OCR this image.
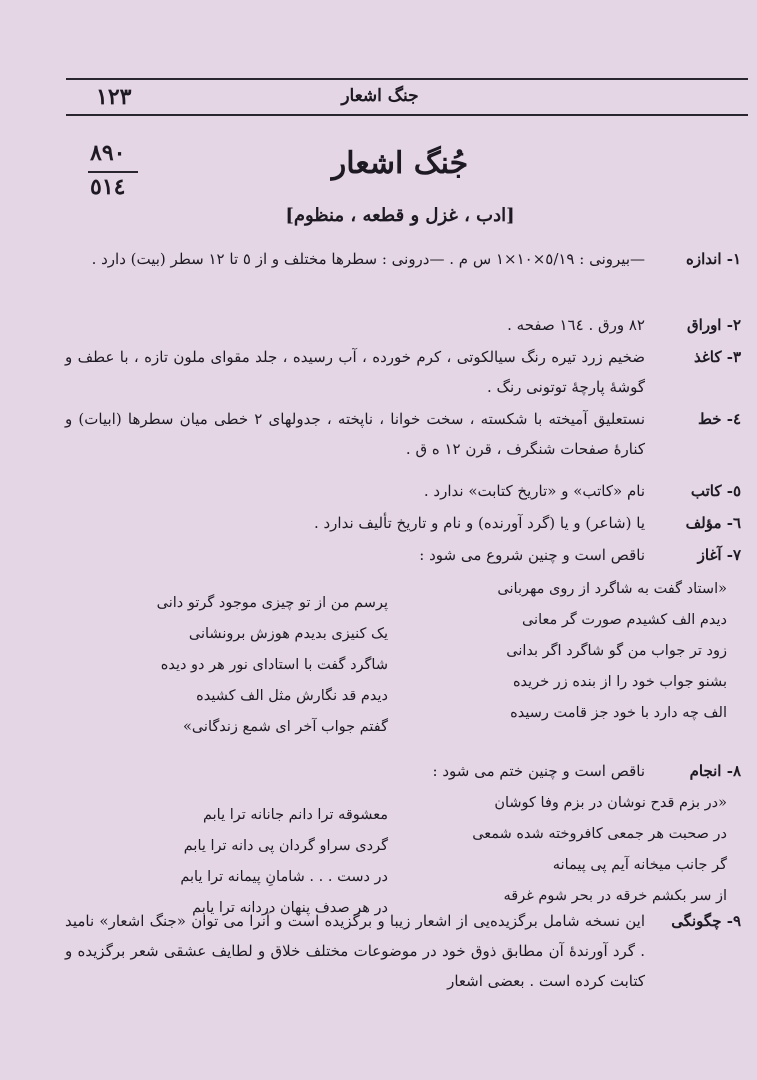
١٢٣	جنگ اشعار
٨٩٠
٥١٤
جُنگ اشعار
[ادب ، غزل و قطعه ، منظوم]
١- اندازه
—بیرونی : ٥/١٩×١٠×١ س م . —درونی : سطرها مختلف و از ٥ تا ١٢ سطر (بیت) دارد .
٢- اوراق
٨٢ ورق . ١٦٤ صفحه .
٣- کاغذ
ضخیم زرد تیره رنگ سیالکوتی ، کرم خورده ، آب رسیده ، جلد مقوای ملون تازه ، با عطف و گوشهٔ پارچهٔ توتونی رنگ .
٤- خط
نستعلیق آمیخته با شکسته ، سخت خوانا ، ناپخته ، جدولهای ٢ خطی میان سطرها (ابیات) و کنارهٔ صفحات شنگرف ، قرن ١٢ ه ق .
٥- کاتب
نام «کاتب» و «تاریخ کتابت» ندارد .
٦- مؤلف
یا (شاعر) و یا (گرد آورنده) و نام و تاریخ تألیف ندارد .
٧- آغاز
ناقص است و چنین شروع می شود :
«استاد گفت به شاگرد از روی مهربانی
دیدم الف کشیدم صورت گر معانی
زود تر جواب من گو شاگرد اگر بدانی
بشنو جواب خود را از بنده زر خریده
الف چه دارد با خود جز قامت رسیده
پرسم من از تو چیزی موجود گرتو دانی
یک کنیزی بدیدم هوزش برونشانی
شاگرد گفت با استادای نور هر دو دیده
دیدم قد نگارش مثل الف کشیده
گفتم جواب آخر ای شمع زندگانی»
٨- انجام
ناقص است و چنین ختم می شود :
«در بزم قدح نوشان در بزم وفا کوشان
در صحبت هر جمعی کافروخته شده شمعی
گر جانب میخانه آیم پی پیمانه
از سر بکشم خرقه در بحر شوم غرقه
معشوقه ترا دانم جانانه ترا یابم
گردی سراو گردان پی دانه ترا یابم
در دست . . . شامانِ پیمانه ترا یابم
در هر صدف پنهان دردانه ترا یابم
٩- چگونگی
این نسخه شامل برگزیده‌یی از اشعار زیبا و برگزیده است و آنرا می توان «جنگ اشعار» نامید . گرد آورندهٔ آن مطابق ذوق خود در موضوعات مختلف خلاق و لطایف عشقی شعر برگزیده و کتابت کرده است . بعضی اشعار
